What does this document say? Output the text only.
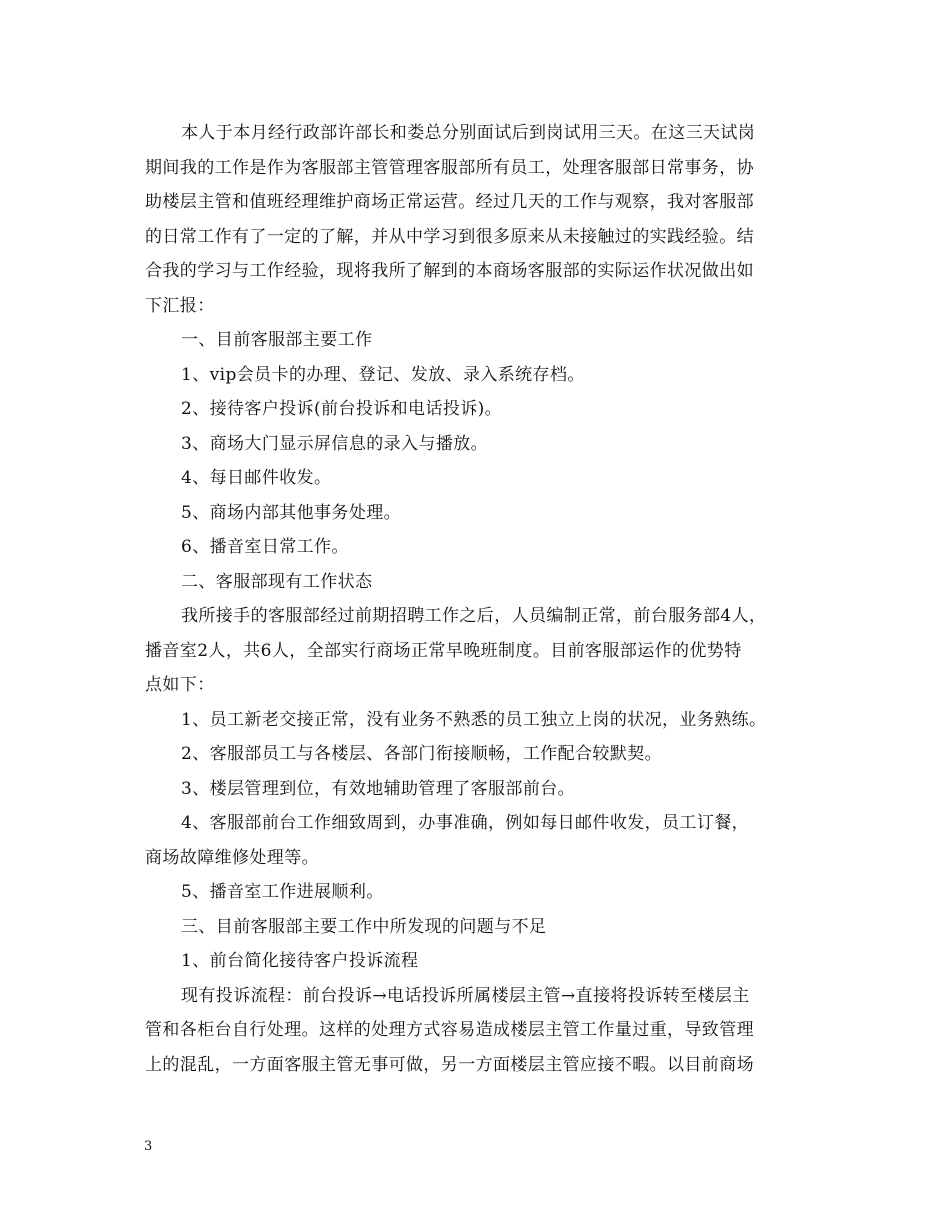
本人于本月经行政部许部长和娄总分别面试后到岗试用三天。在这三天试岗
期间我的工作是作为客服部主管管理客服部所有员工，处理客服部日常事务，协
助楼层主管和值班经理维护商场正常运营。经过几天的工作与观察，我对客服部
的日常工作有了一定的了解，并从中学习到很多原来从未接触过的实践经验。结
合我的学习与工作经验，现将我所了解到的本商场客服部的实际运作状况做出如
下汇报：
一、目前客服部主要工作
1、vip会员卡的办理、登记、发放、录入系统存档。
2、接待客户投诉(前台投诉和电话投诉)。
3、商场大门显示屏信息的录入与播放。
4、每日邮件收发。
5、商场内部其他事务处理。
6、播音室日常工作。
二、客服部现有工作状态
我所接手的客服部经过前期招聘工作之后，人员编制正常，前台服务部4人，
播音室2人，共6人，全部实行商场正常早晚班制度。目前客服部运作的优势特
点如下：
1、员工新老交接正常，没有业务不熟悉的员工独立上岗的状况，业务熟练。
2、客服部员工与各楼层、各部门衔接顺畅，工作配合较默契。
3、楼层管理到位，有效地辅助管理了客服部前台。
4、客服部前台工作细致周到，办事准确，例如每日邮件收发，员工订餐，
商场故障维修处理等。
5、播音室工作进展顺利。
三、目前客服部主要工作中所发现的问题与不足
1、前台简化接待客户投诉流程
现有投诉流程：前台投诉→电话投诉所属楼层主管→直接将投诉转至楼层主
管和各柜台自行处理。这样的处理方式容易造成楼层主管工作量过重，导致管理
上的混乱，一方面客服主管无事可做，另一方面楼层主管应接不暇。以目前商场
3
